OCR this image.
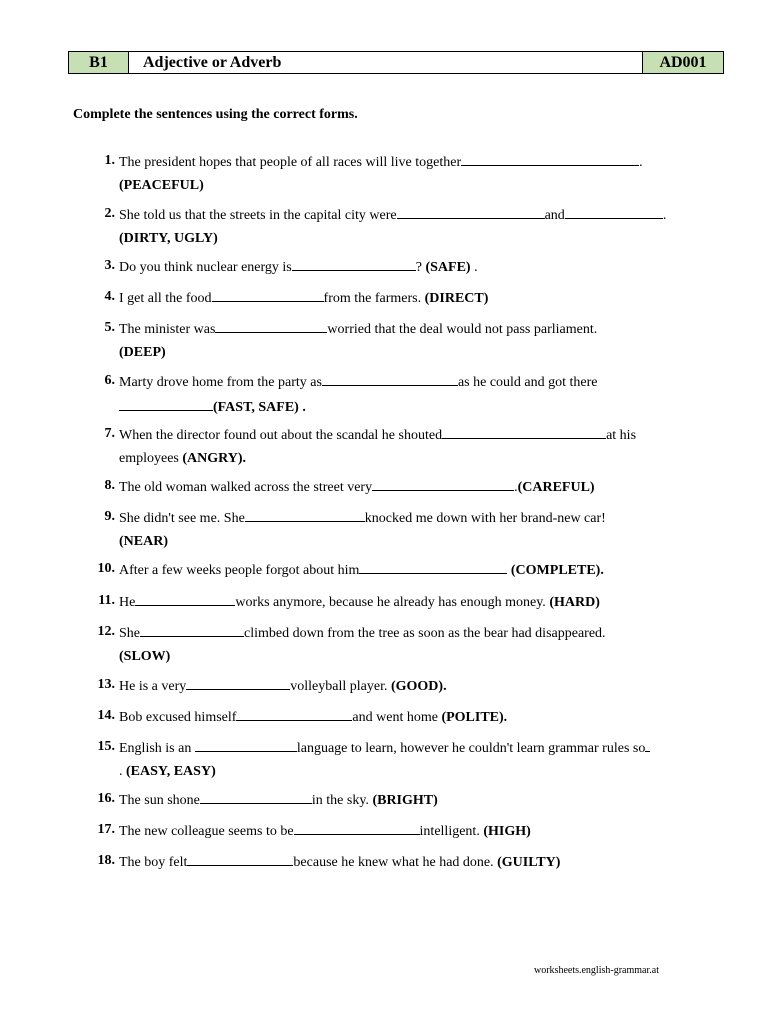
B1	Adjective or Adverb	AD001
Complete the sentences using the correct forms.
1. The president hopes that people of all races will live together	.
(PEACEFUL)
2. She told us that the streets in the capital city were	and	.
(DIRTY, UGLY)
3. Do you think nuclear energy is	? (SAFE) .
4. I get all the food	from the farmers. (DIRECT)
5. The minister was	worried that the deal would not pass parliament.
(DEEP)
6. Marty drove home from the party as	as he could and got there
(FAST, SAFE) .
7. When the director found out about the scandal he shouted	at his
employees (ANGRY).
8. The old woman walked across the street very	.(CAREFUL)
9. She didn't see me. She	knocked me down with her brand-new car!
(NEAR)
10. After a few weeks people forgot about him	(COMPLETE).
11. He	works anymore, because he already has enough money. (HARD)
12. She	climbed down from the tree as soon as the bear had disappeared.
(SLOW)
13. He is a very	volleyball player. (GOOD).
14. Bob excused himself	and went home (POLITE).
15. English is an	language to learn, however he couldn't learn grammar rules so
. (EASY, EASY)
16. The sun shone	in the sky. (BRIGHT)
17. The new colleague seems to be	intelligent. (HIGH)
18. The boy felt	because he knew what he had done. (GUILTY)
worksheets.english-grammar.at
